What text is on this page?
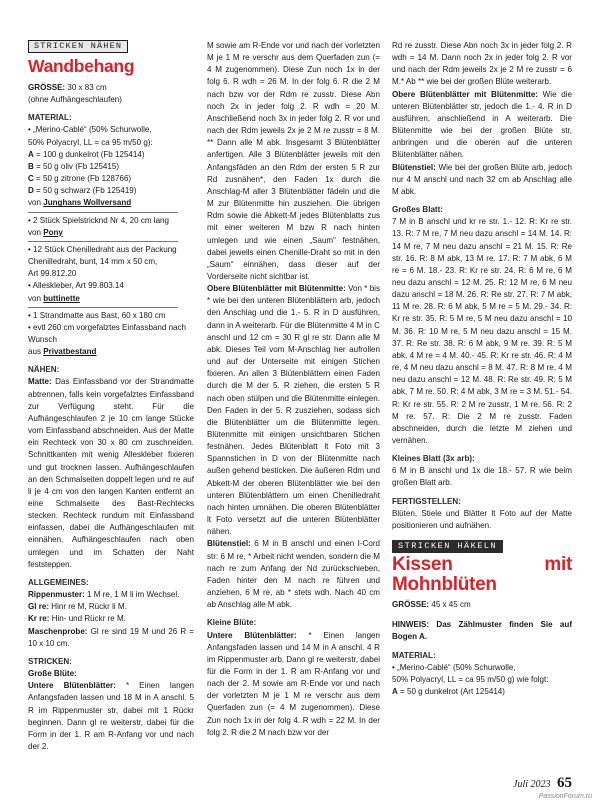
STRICKEN NÄHEN
Wandbehang

GRÖSSE: 30 x 83 cm

(ohne Aufhängeschlaufen)

MATERIAL:

• „Merino-Cablé“ (50% Schurwolle,

50% Polyacryl, LL = ca 95 m/50 g):

A = 100 g dunkelrot (Fb 125414)

B = 50 g oliv (Fb 125415)

C = 50 g zitrone (Fb 128766)

D = 50 g schwarz (Fb 125419)

von Junghans Wollversand

• 2 Stück Spielstricknd Nr 4, 20 cm lang

von Pony

• 12 Stück Chenilledraht aus der Packung

Chenilledraht, bunt, 14 mm x 50 cm,

Art 99.812.20

• Alleskleber, Art 99.803.14

von buttinette

• 1 Strandmatte aus Bast, 60 x 180 cm

• evtl 260 cm vorgefalztes Einfassband nach

Wunsch

aus Privatbestand

NÄHEN:

Matte: Das Einfassband vor der Strandmatte abtrennen, falls kein vorgefalztes Einfassband zur Verfügung steht. Für die Aufhängeschlaufen 2 je 10 cm lange Stücke vom Einfassband abschneiden. Aus der Matte ein Rechteck von 30 x 80 cm zuschneiden. Schnittkanten mit wenig Alleskleber fixieren und gut trocknen lassen. Aufhängeschlaufen an den Schmalseiten doppelt legen und re auf li je 4 cm von den langen Kanten entfernt an eine Schmalseite des Bast-Rechtecks stecken. Rechteck rundum mit Einfassband einfassen, dabei die Aufhängeschlaufen mit einnähen. Aufhängeschlaufen nach oben umlegen und im Schatten der Naht feststeppen.

ALLGEMEINES:

Rippenmuster: 1 M re, 1 M li im Wechsel.

Gl re: Hinr re M, Rückr li M.

Kr re: Hin- und Rückr re M.

Maschenprobe: Gl re sind 19 M und 26 R = 10 x 10 cm.

STRICKEN:

Große Blüte:

Untere Blütenblätter: * Einen langen Anfangsfaden lassen und 18 M in A anschl. 5 R im Rippenmuster str, dabei mit 1 Rückr beginnen. Dann gl re weiterstr, dabei für die Form in der 1. R am R-Anfang vor und nach der 2.

M sowie am R-Ende vor und nach der vorletzten M je 1 M re verschr aus dem Querfaden zun (= 4 M zugenommen). Diese Zun noch 1x in der folg 6. R wdh = 26 M. In der folg 6. R die 2 M nach bzw vor der Rdm re zusstr. Diese Abn noch 2x in jeder folg 2. R wdh = 20 M. Anschließend noch 3x in jeder folg 2. R vor und nach der Rdm jeweils 2x je 2 M re zusstr = 8 M. ** Dann alle M abk. Insgesamt 3 Blütenblätter anfertigen. Alle 3 Blütenblätter jeweils mit den Anfangsfäden an den Rdm der ersten 5 R zur Rd zusnähen*, den Faden 1x durch die Anschlag-M aller 3 Blütenblätter fädeln und die M zur Blütenmitte hin zusziehen. Die übrigen Rdm sowie die Abkett-M jedes Blütenblatts zus mit einer weiteren M bzw R nach hinten umlegen und wie einen „Saum“ festnähen, dabei jeweils einen Chenille-Draht so mit in den „Saum“ einnähen, dass dieser auf der Vorderseite nicht sichtbar ist.

Obere Blütenblätter mit Blütenmitte: Von * bis * wie bei den unteren Blütenblättern arb, jedoch den Anschlag und die 1.- 5. R in D ausführen, dann in A weiterarb. Für die Blütenmitte 4 M in C anschl und 12 cm = 30 R gl re str. Dann alle M abk. Dieses Teil vom M-Anschlag her aufrollen und auf der Unterseite mit einigen Stichen fixieren. An allen 3 Blütenblättern einen Faden durch die M der 5. R ziehen, die ersten 5 R nach oben stülpen und die Blütenmitte einlegen. Den Faden in der 5. R zusziehen, sodass sich die Blütenblätter um die Blütenmitte legen. Blütenmitte mit einigen unsichtbaren Stichen festnähen. Jedes Blütenblatt lt Foto mit 3 Spannstichen in D von der Blütenmitte nach außen gehend besticken. Die äußeren Rdm und Abkett-M der oberen Blütenblätter wie bei den unteren Blütenblättern um einen Chenilledraht nach hinten umnähen. Die oberen Blütenblätter lt Foto versetzt auf die unteren Blütenblätter nähen.

Blütenstiel: 6 M in B anschl und einen I-Cord str: 6 M re, * Arbeit nicht wenden, sondern die M nach re zum Anfang der Nd zurückschieben, Faden hinter den M nach re führen und anziehen, 6 M re, ab * stets wdh. Nach 40 cm ab Anschlag alle M abk.

Kleine Blüte:

Untere Blütenblätter: * Einen langen Anfangsfaden lassen und 14 M in A anschl. 4 R im Rippenmuster arb. Dann gl re weiterstr, dabei für die Form in der 1. R am R-Anfang vor und nach der 2. M sowie am R-Ende vor und nach der vorletzten M je 1 M re verschr aus dem Querfaden zun (= 4 M zugenommen). Diese Zun noch 1x in der folg 4. R wdh = 22 M. In der folg 2. R die 2 M nach bzw vor der

Rd re zusstr. Diese Abn noch 3x in jeder folg 2. R wdh = 14 M. Dann noch 2x in jeder folg 2. R vor und nach der Rdm jeweils 2x je 2 M re zusstr = 6 M.* Ab ** wie bei der großen Blüte weiterarb.

Obere Blütenblätter mit Blütenmitte: Wie die unteren Blütenblätter str, jedoch die 1.- 4. R in D ausführen, anschließend in A weiterarb. Die Blütenmitte wie bei der großen Blüte str, anbringen und die oberen auf die unteren Blütenblätter nähen.

Blütenstiel: Wie bei der großen Blüte arb, jedoch nur 4 M anschl und nach 32 cm ab Anschlag alle M abk.

Großes Blatt:

7 M in B anschl und kr re str. 1.- 12. R: Kr re str. 13. R: 7 M re, 7 M neu dazu anschl = 14 M. 14. R: 14 M re, 7 M neu dazu anschl = 21 M. 15. R: Re str. 16. R: 8 M abk, 13 M re. 17. R: 7 M abk, 6 M re = 6 M. 18.- 23. R: Kr re str. 24. R: 6 M re, 6 M neu dazu anschl = 12 M. 25. R: 12 M re, 6 M neu dazu anschl = 18 M. 26. R: Re str. 27. R: 7 M abk, 11 M re. 28. R: 6 M abk, 5 M re = 5 M. 29.- 34. R: Kr re str. 35. R: 5 M re, 5 M neu dazu anschl = 10 M. 36. R: 10 M re, 5 M neu dazu anschl = 15 M. 37. R: Re str. 38. R: 6 M abk, 9 M re. 39. R: 5 M abk, 4 M re = 4 M. 40.- 45. R: Kr re str. 46. R: 4 M re, 4 M neu dazu anschl = 8 M. 47. R: 8 M re, 4 M neu dazu anschl = 12 M. 48. R: Re str. 49. R: 5 M abk, 7 M re. 50. R: 4 M abk, 3 M re = 3 M. 51.- 54. R: Kr re str. 55. R: 2 M re zusstr, 1 M re. 56. R: 2 M re. 57. R: Die 2 M re zusstr. Faden abschneiden, durch die letzte M ziehen und vernähen.

Kleines Blatt (3x arb):

6 M in B anschl und 1x die 18.- 57. R wie beim großen Blatt arb.

FERTIGSTELLEN:

Blüten, Stiele und Blätter lt Foto auf der Matte positionieren und aufnähen.

STRICKEN HÄKELN
Kissen mit Mohnblüten

GRÖSSE: 45 x 45 cm

HINWEIS: Das Zählmuster finden Sie auf Bogen A.

MATERIAL:

• „Merino-Cablé“ (50% Schurwolle,

50% Polyacryl, LL = ca 95 m/50 g) wie folgt:

A = 50 g dunkelrot (Art 125414)

Juli 2023 65
PassionForum.ru
